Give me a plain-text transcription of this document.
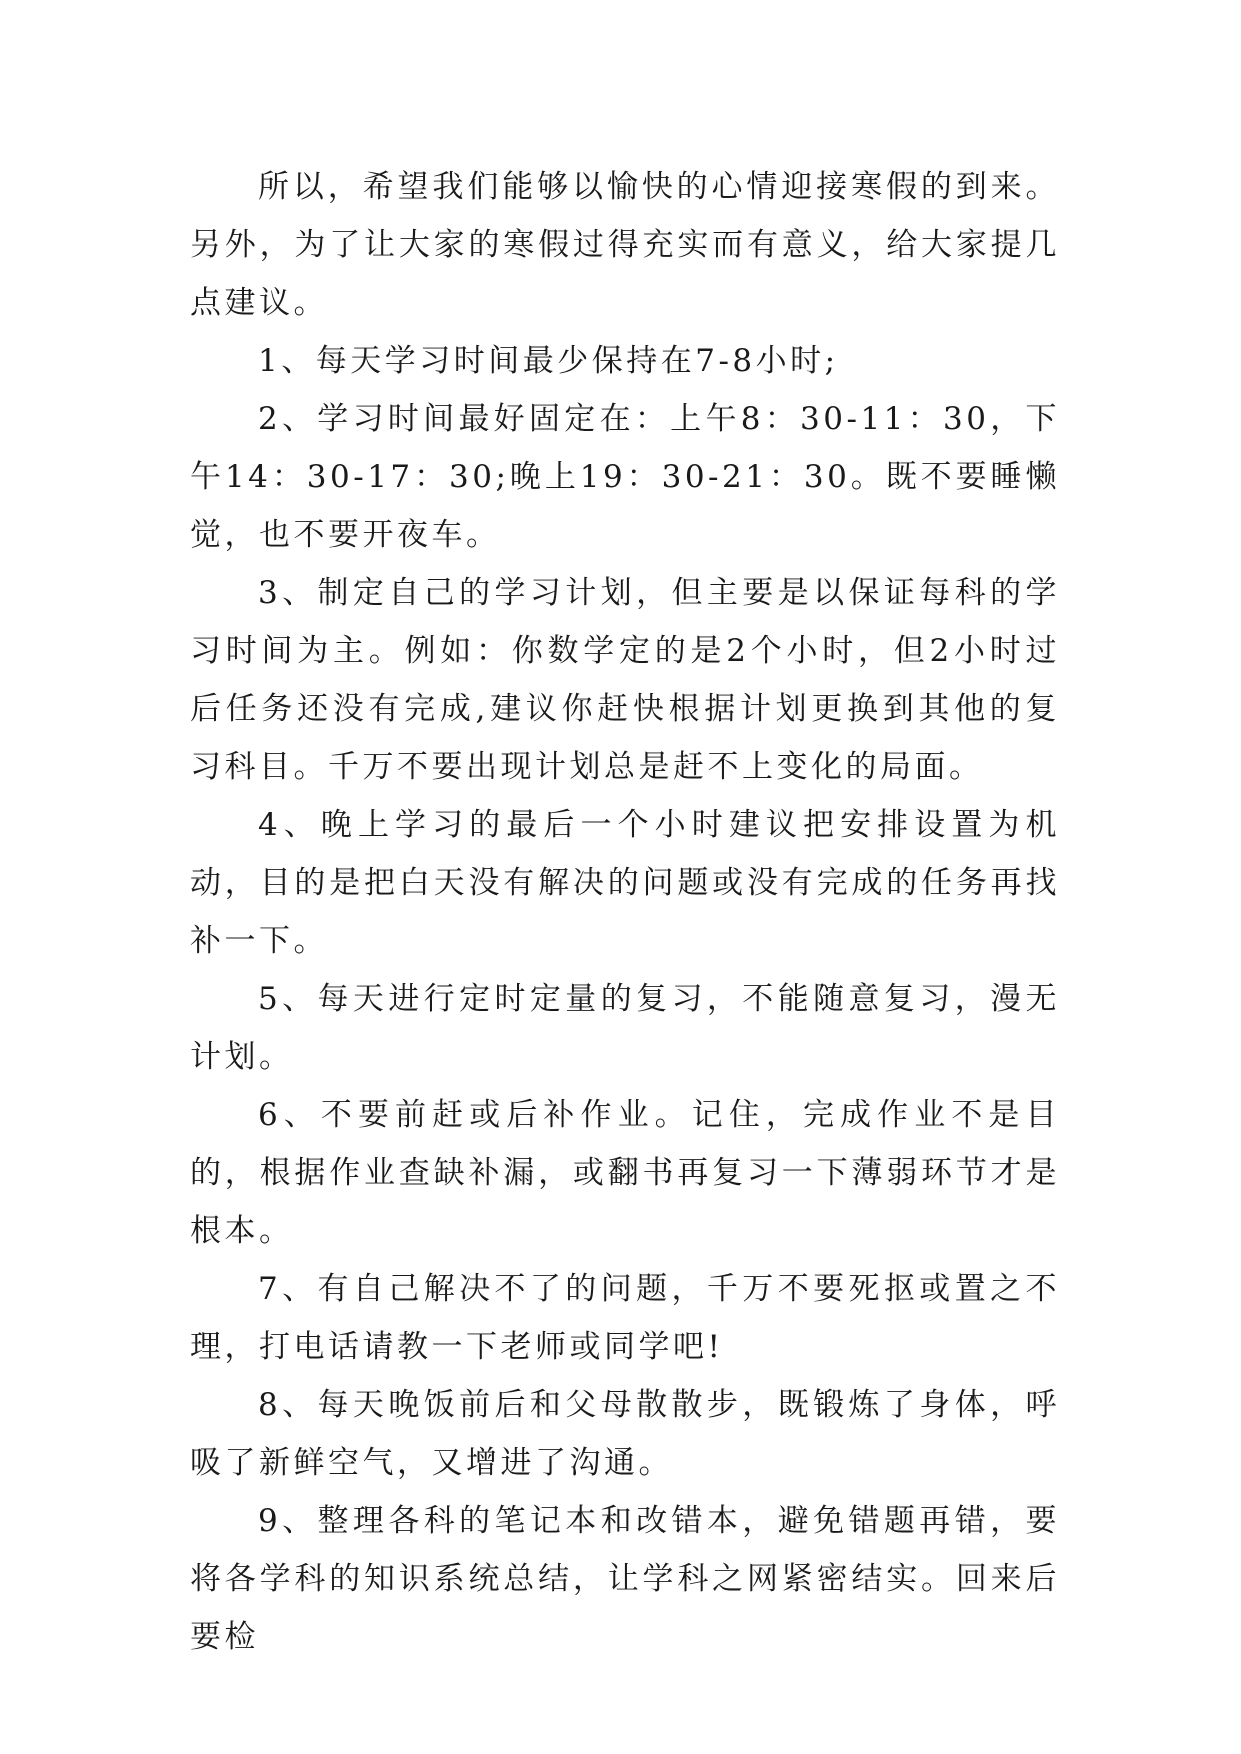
所以，希望我们能够以愉快的心情迎接寒假的到来。另外，为了让大家的寒假过得充实而有意义，给大家提几点建议。

1、每天学习时间最少保持在7-8小时;

2、学习时间最好固定在：上午8：30-11：30，下午14：30-17：30;晚上19：30-21：30。既不要睡懒觉，也不要开夜车。

3、制定自己的学习计划，但主要是以保证每科的学习时间为主。例如：你数学定的是2个小时，但2小时过后任务还没有完成,建议你赶快根据计划更换到其他的复习科目。千万不要出现计划总是赶不上变化的局面。

4、晚上学习的最后一个小时建议把安排设置为机动，目的是把白天没有解决的问题或没有完成的任务再找补一下。

5、每天进行定时定量的复习，不能随意复习，漫无计划。

6、不要前赶或后补作业。记住，完成作业不是目的，根据作业查缺补漏，或翻书再复习一下薄弱环节才是根本。

7、有自己解决不了的问题，千万不要死抠或置之不理，打电话请教一下老师或同学吧!

8、每天晚饭前后和父母散散步，既锻炼了身体，呼吸了新鲜空气，又增进了沟通。

9、整理各科的笔记本和改错本，避免错题再错，要将各学科的知识系统总结，让学科之网紧密结实。回来后要检
